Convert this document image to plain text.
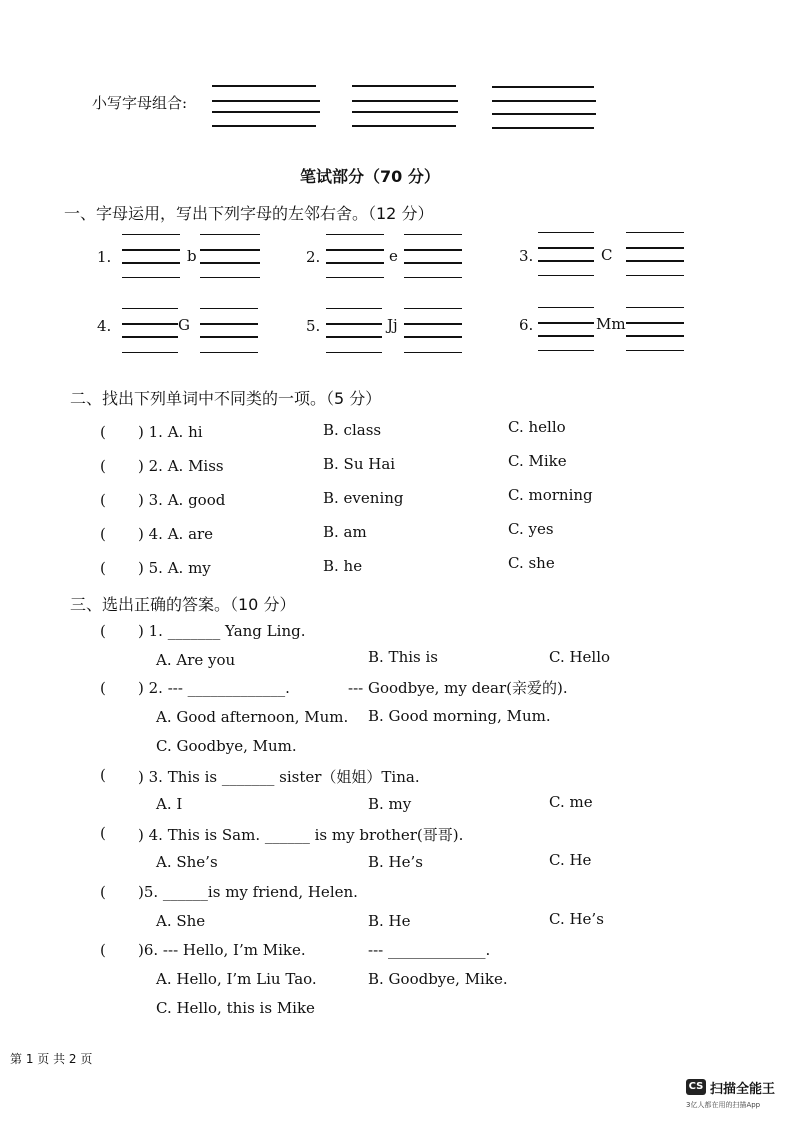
小写字母组合:
笔试部分（70 分）
一、字母运用，写出下列字母的左邻右舍。（12 分）
1.	b	2.	e	3.	C
4.	G	5.	Jj	6.	Mm
二、找出下列单词中不同类的一项。（5 分）
( ) 1. A. hi	B. class	C. hello
( ) 2. A. Miss	B. Su Hai	C. Mike
( ) 3. A. good	B. evening	C. morning
( ) 4. A. are	B. am	C. yes
( ) 5. A. my	B. he	C. she
三、选出正确的答案。（10 分）
( ) 1. _______ Yang Ling.
A. Are you	B. This is	C. Hello
( ) 2. --- _____________.	--- Goodbye, my dear(亲爱的).
A. Good afternoon, Mum. B. Good morning, Mum.
C. Goodbye, Mum.
( ) 3. This is _______ sister（姐姐）Tina.
A. I	B. my	C. me
( ) 4. This is Sam. ______ is my brother(哥哥).
A. She’s	B. He’s	C. He
( )5. ______is my friend, Helen.
A. She	B. He	C. He’s
( )6. --- Hello, I’m Mike.	--- _____________.
A. Hello, I’m Liu Tao.	B. Goodbye, Mike.
C. Hello, this is Mike
第 1 页 共 2 页
CS 扫描全能王
3亿人都在用的扫描App
